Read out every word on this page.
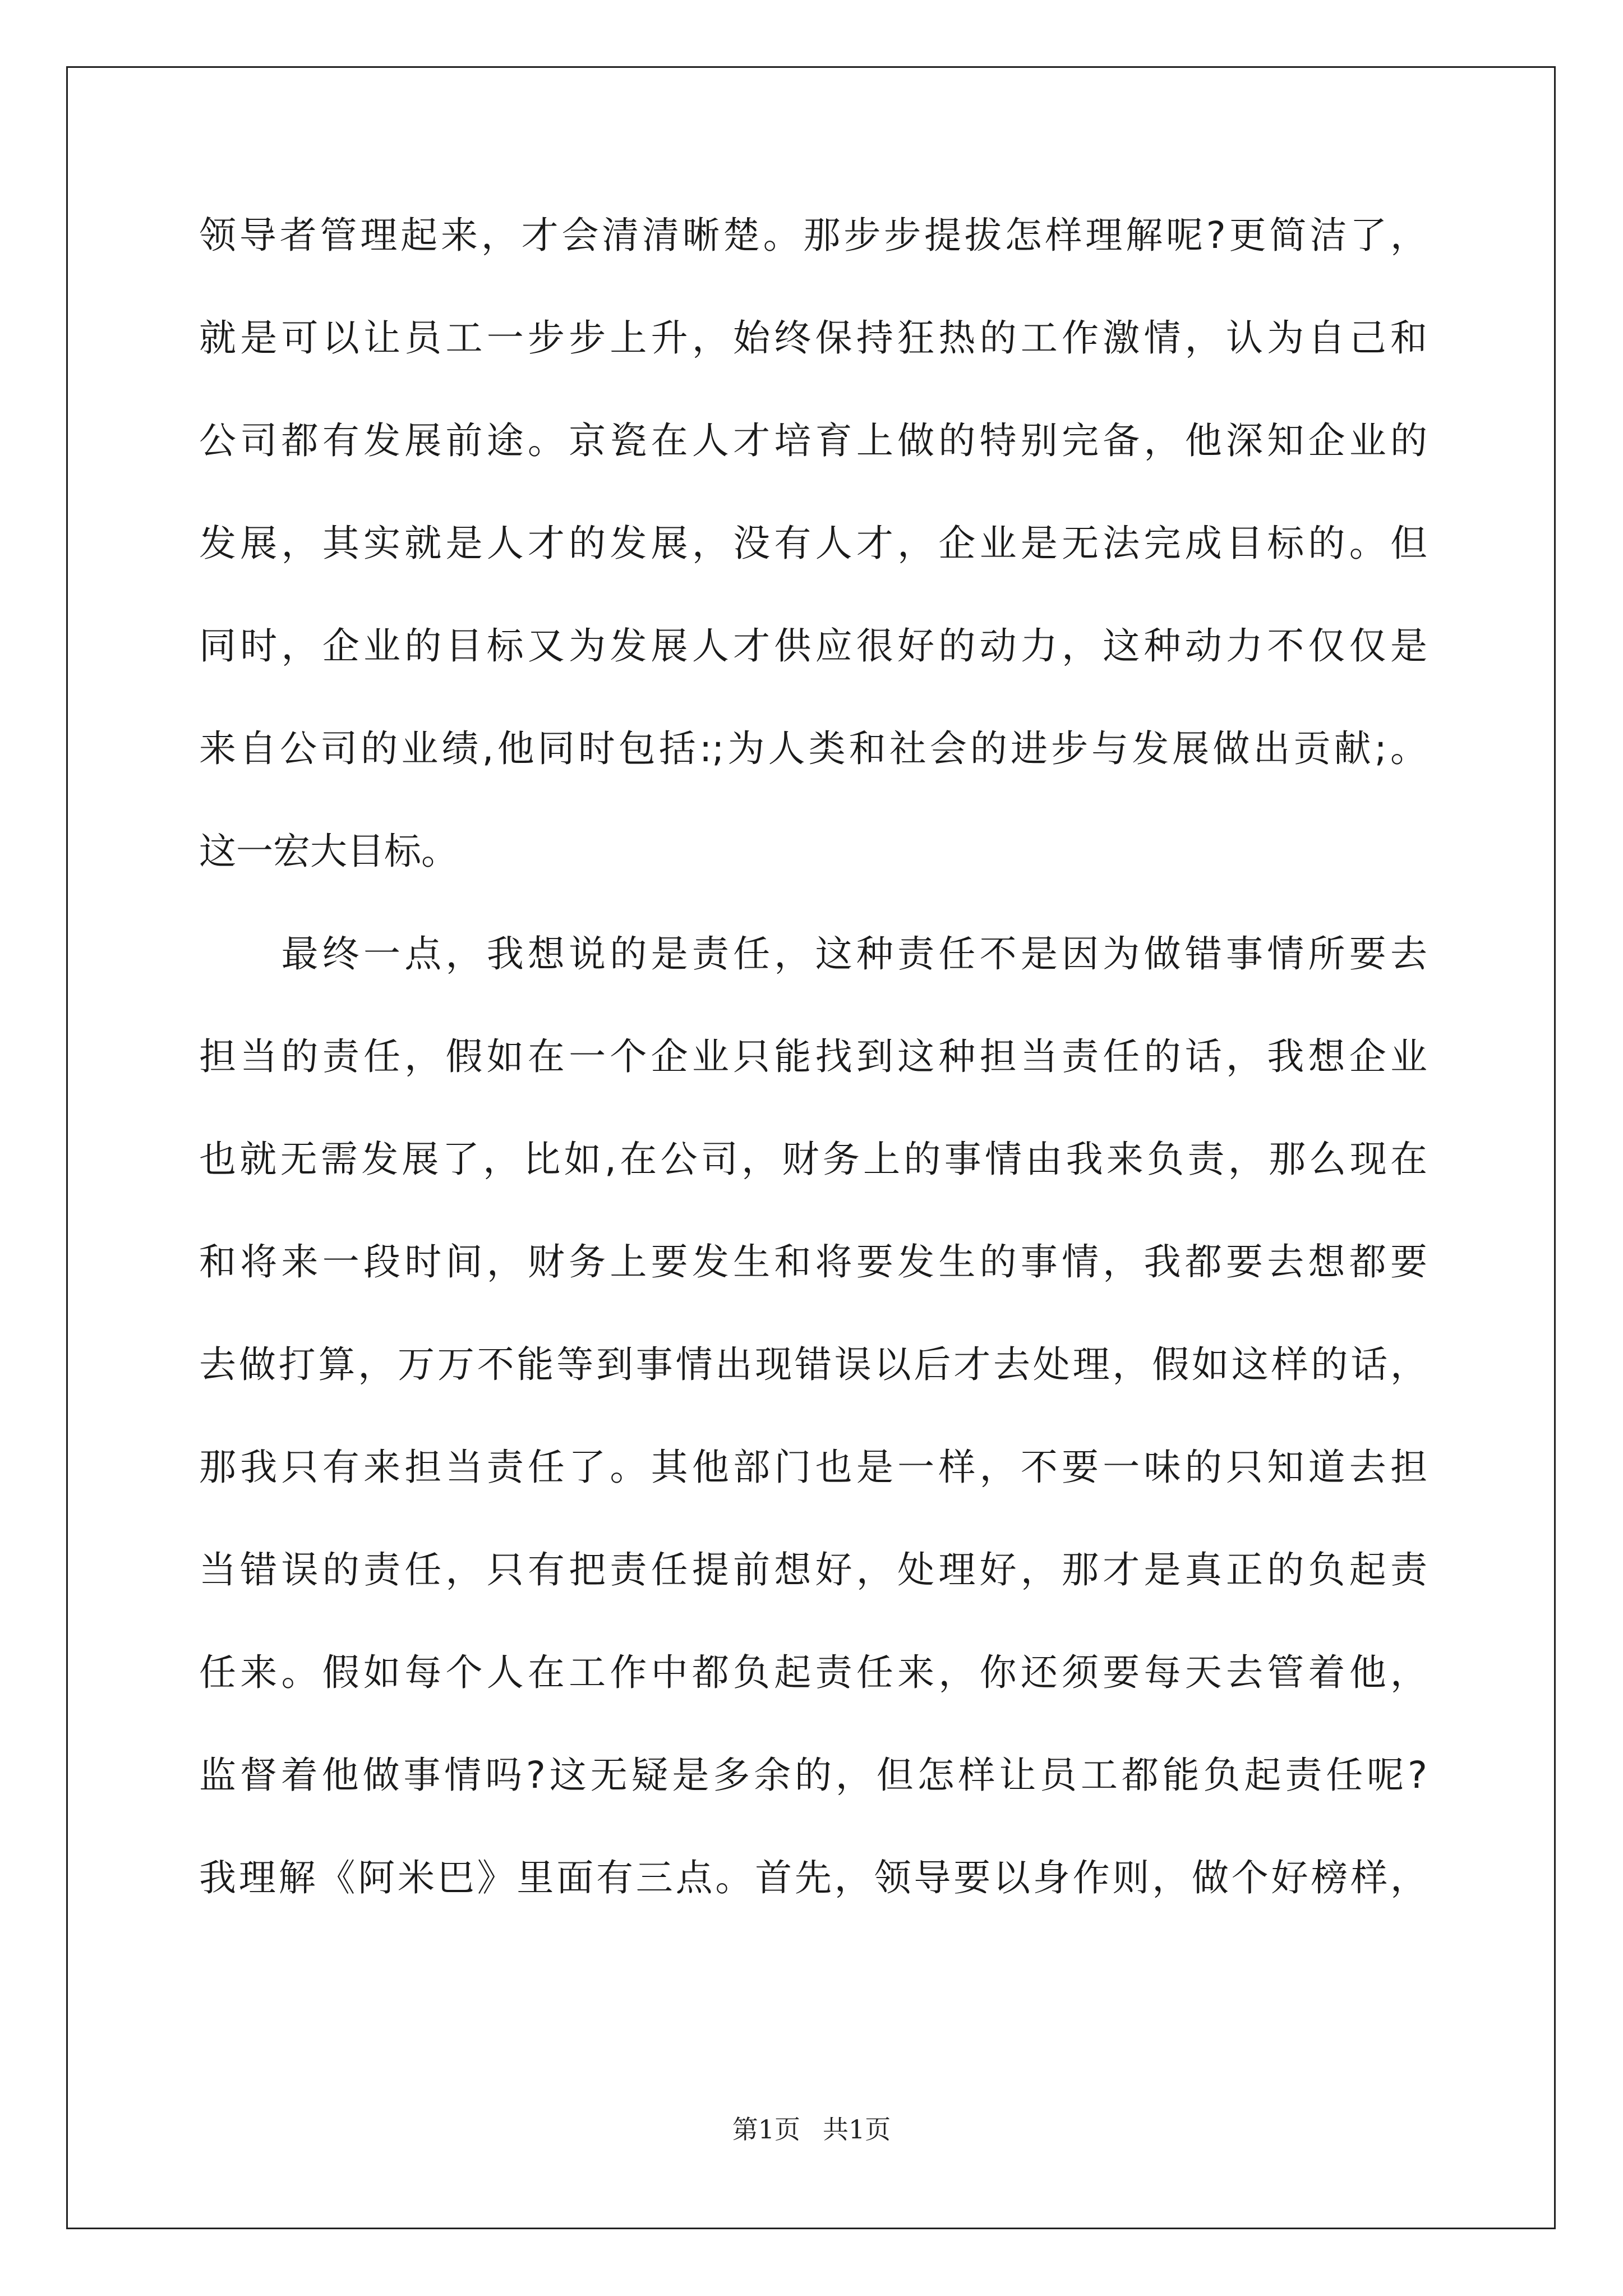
领导者管理起来，才会清清晰楚。那步步提拔怎样理解呢?更简洁了，
就是可以让员工一步步上升，始终保持狂热的工作激情，认为自己和
公司都有发展前途。京瓷在人才培育上做的特别完备，他深知企业的
发展，其实就是人才的发展，没有人才，企业是无法完成目标的。但
同时，企业的目标又为发展人才供应很好的动力，这种动力不仅仅是
来自公司的业绩,他同时包括:;为人类和社会的进步与发展做出贡献;。
这一宏大目标。
　　最终一点，我想说的是责任，这种责任不是因为做错事情所要去
担当的责任，假如在一个企业只能找到这种担当责任的话，我想企业
也就无需发展了，比如,在公司，财务上的事情由我来负责，那么现在
和将来一段时间，财务上要发生和将要发生的事情，我都要去想都要
去做打算，万万不能等到事情出现错误以后才去处理，假如这样的话，
那我只有来担当责任了。其他部门也是一样，不要一味的只知道去担
当错误的责任，只有把责任提前想好，处理好，那才是真正的负起责
任来。假如每个人在工作中都负起责任来，你还须要每天去管着他，
监督着他做事情吗?这无疑是多余的，但怎样让员工都能负起责任呢?
我理解《阿米巴》里面有三点。首先，领导要以身作则，做个好榜样，
第1页 共1页
